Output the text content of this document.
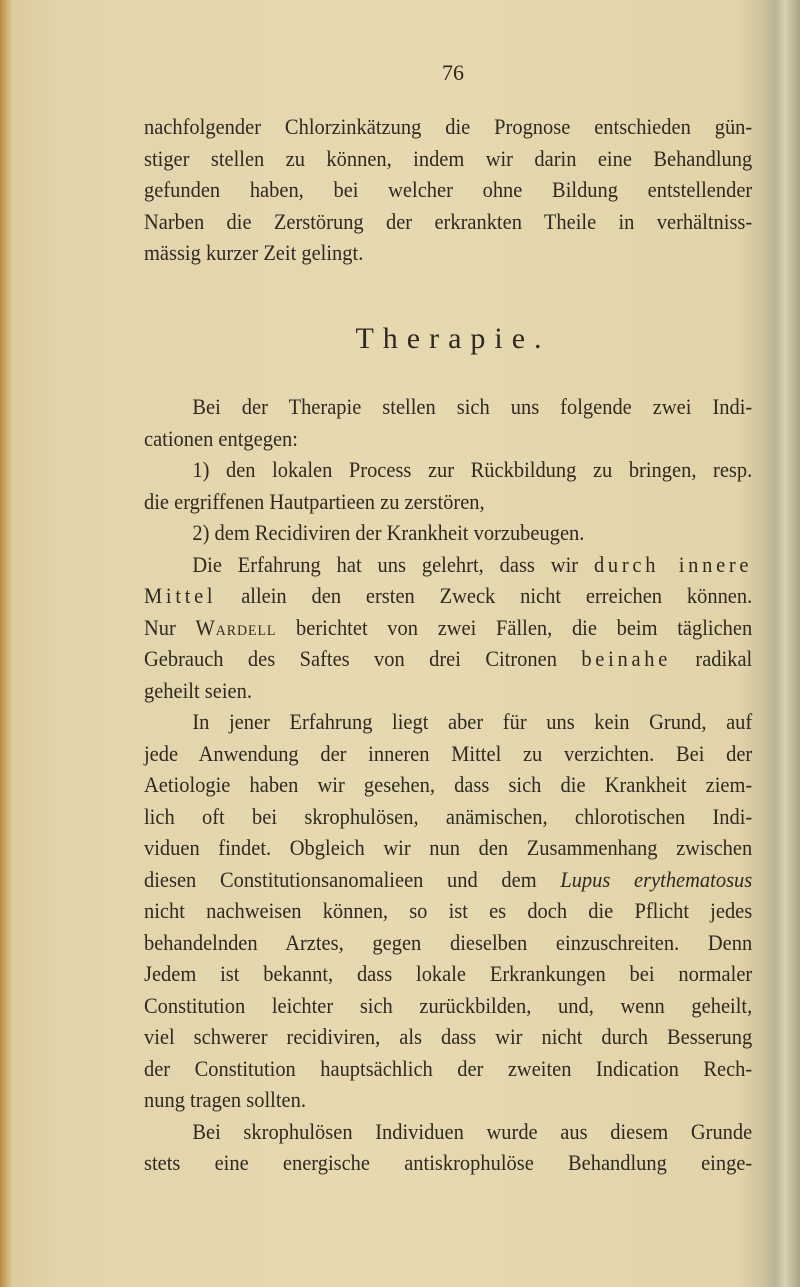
76
nachfolgender Chlorzinkätzung die Prognose entschieden gün-
stiger stellen zu können, indem wir darin eine Behandlung
gefunden haben, bei welcher ohne Bildung entstellender
Narben die Zerstörung der erkrankten Theile in verhältniss-
mässig kurzer Zeit gelingt.
Therapie.
Bei der Therapie stellen sich uns folgende zwei Indi-
cationen entgegen:
1) den lokalen Process zur Rückbildung zu bringen, resp.
die ergriffenen Hautpartieen zu zerstören,
2) dem Recidiviren der Krankheit vorzubeugen.
Die Erfahrung hat uns gelehrt, dass wir durch innere
Mittel allein den ersten Zweck nicht erreichen können.
Nur Wardell berichtet von zwei Fällen, die beim täglichen
Gebrauch des Saftes von drei Citronen beinahe radikal
geheilt seien.
In jener Erfahrung liegt aber für uns kein Grund, auf
jede Anwendung der inneren Mittel zu verzichten. Bei der
Aetiologie haben wir gesehen, dass sich die Krankheit ziem-
lich oft bei skrophulösen, anämischen, chlorotischen Indi-
viduen findet. Obgleich wir nun den Zusammenhang zwischen
diesen Constitutionsanomalieen und dem Lupus erythematosus
nicht nachweisen können, so ist es doch die Pflicht jedes
behandelnden Arztes, gegen dieselben einzuschreiten. Denn
Jedem ist bekannt, dass lokale Erkrankungen bei normaler
Constitution leichter sich zurückbilden, und, wenn geheilt,
viel schwerer recidiviren, als dass wir nicht durch Besserung
der Constitution hauptsächlich der zweiten Indication Rech-
nung tragen sollten.
Bei skrophulösen Individuen wurde aus diesem Grunde
stets eine energische antiskrophulöse Behandlung einge-
